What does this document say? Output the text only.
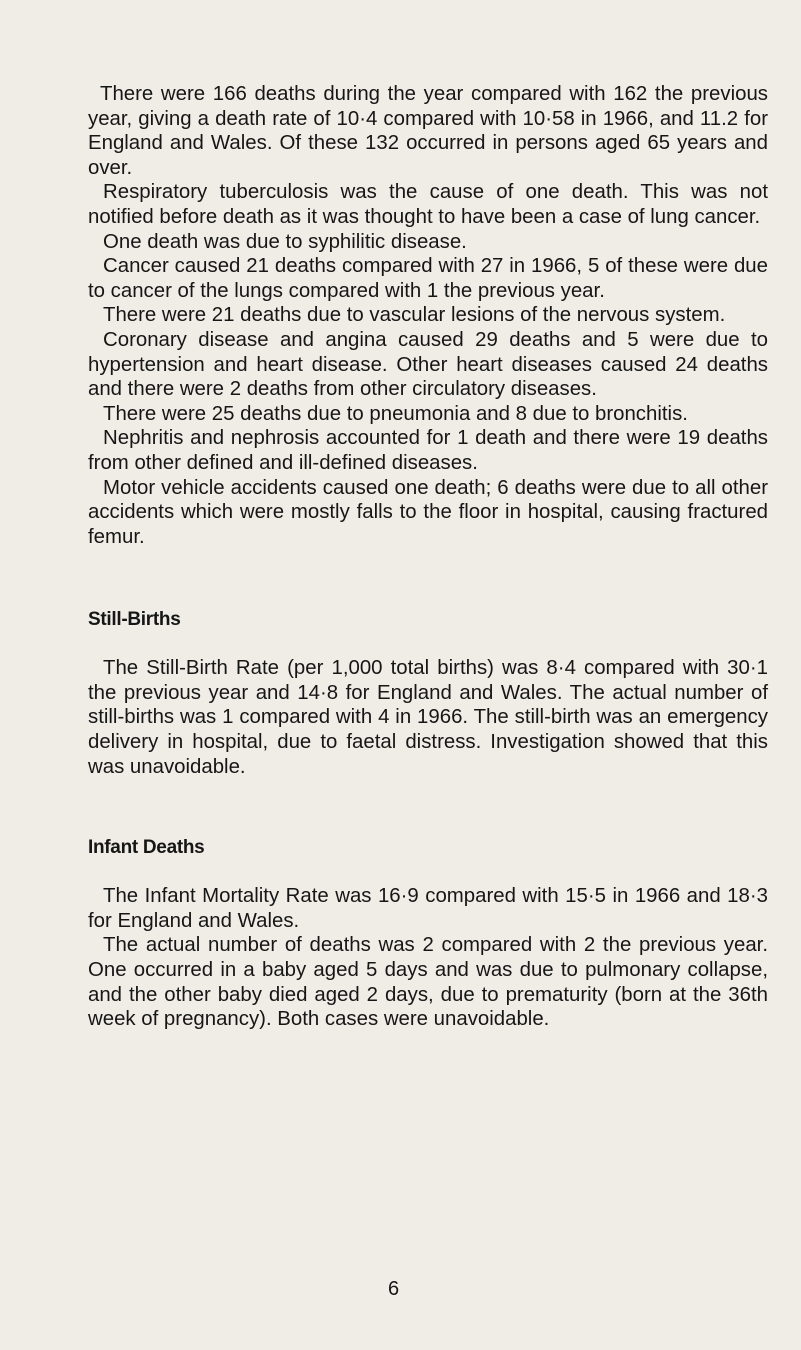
There were 166 deaths during the year compared with 162 the previous year, giving a death rate of 10·4 compared with 10·58 in 1966, and 11.2 for England and Wales. Of these 132 occurred in persons aged 65 years and over.

Respiratory tuberculosis was the cause of one death. This was not notified before death as it was thought to have been a case of lung cancer.

One death was due to syphilitic disease.

Cancer caused 21 deaths compared with 27 in 1966, 5 of these were due to cancer of the lungs compared with 1 the previous year.

There were 21 deaths due to vascular lesions of the nervous system.

Coronary disease and angina caused 29 deaths and 5 were due to hypertension and heart disease. Other heart diseases caused 24 deaths and there were 2 deaths from other circulatory diseases.

There were 25 deaths due to pneumonia and 8 due to bronchitis.

Nephritis and nephrosis accounted for 1 death and there were 19 deaths from other defined and ill-defined diseases.

Motor vehicle accidents caused one death; 6 deaths were due to all other accidents which were mostly falls to the floor in hospital, causing fractured femur.

Still-Births

The Still-Birth Rate (per 1,000 total births) was 8·4 compared with 30·1 the previous year and 14·8 for England and Wales. The actual number of still-births was 1 compared with 4 in 1966. The still-birth was an emergency delivery in hospital, due to faetal distress. Investigation showed that this was unavoidable.

Infant Deaths

The Infant Mortality Rate was 16·9 compared with 15·5 in 1966 and 18·3 for England and Wales.

The actual number of deaths was 2 compared with 2 the previous year. One occurred in a baby aged 5 days and was due to pulmonary collapse, and the other baby died aged 2 days, due to prematurity (born at the 36th week of pregnancy). Both cases were unavoidable.

6
